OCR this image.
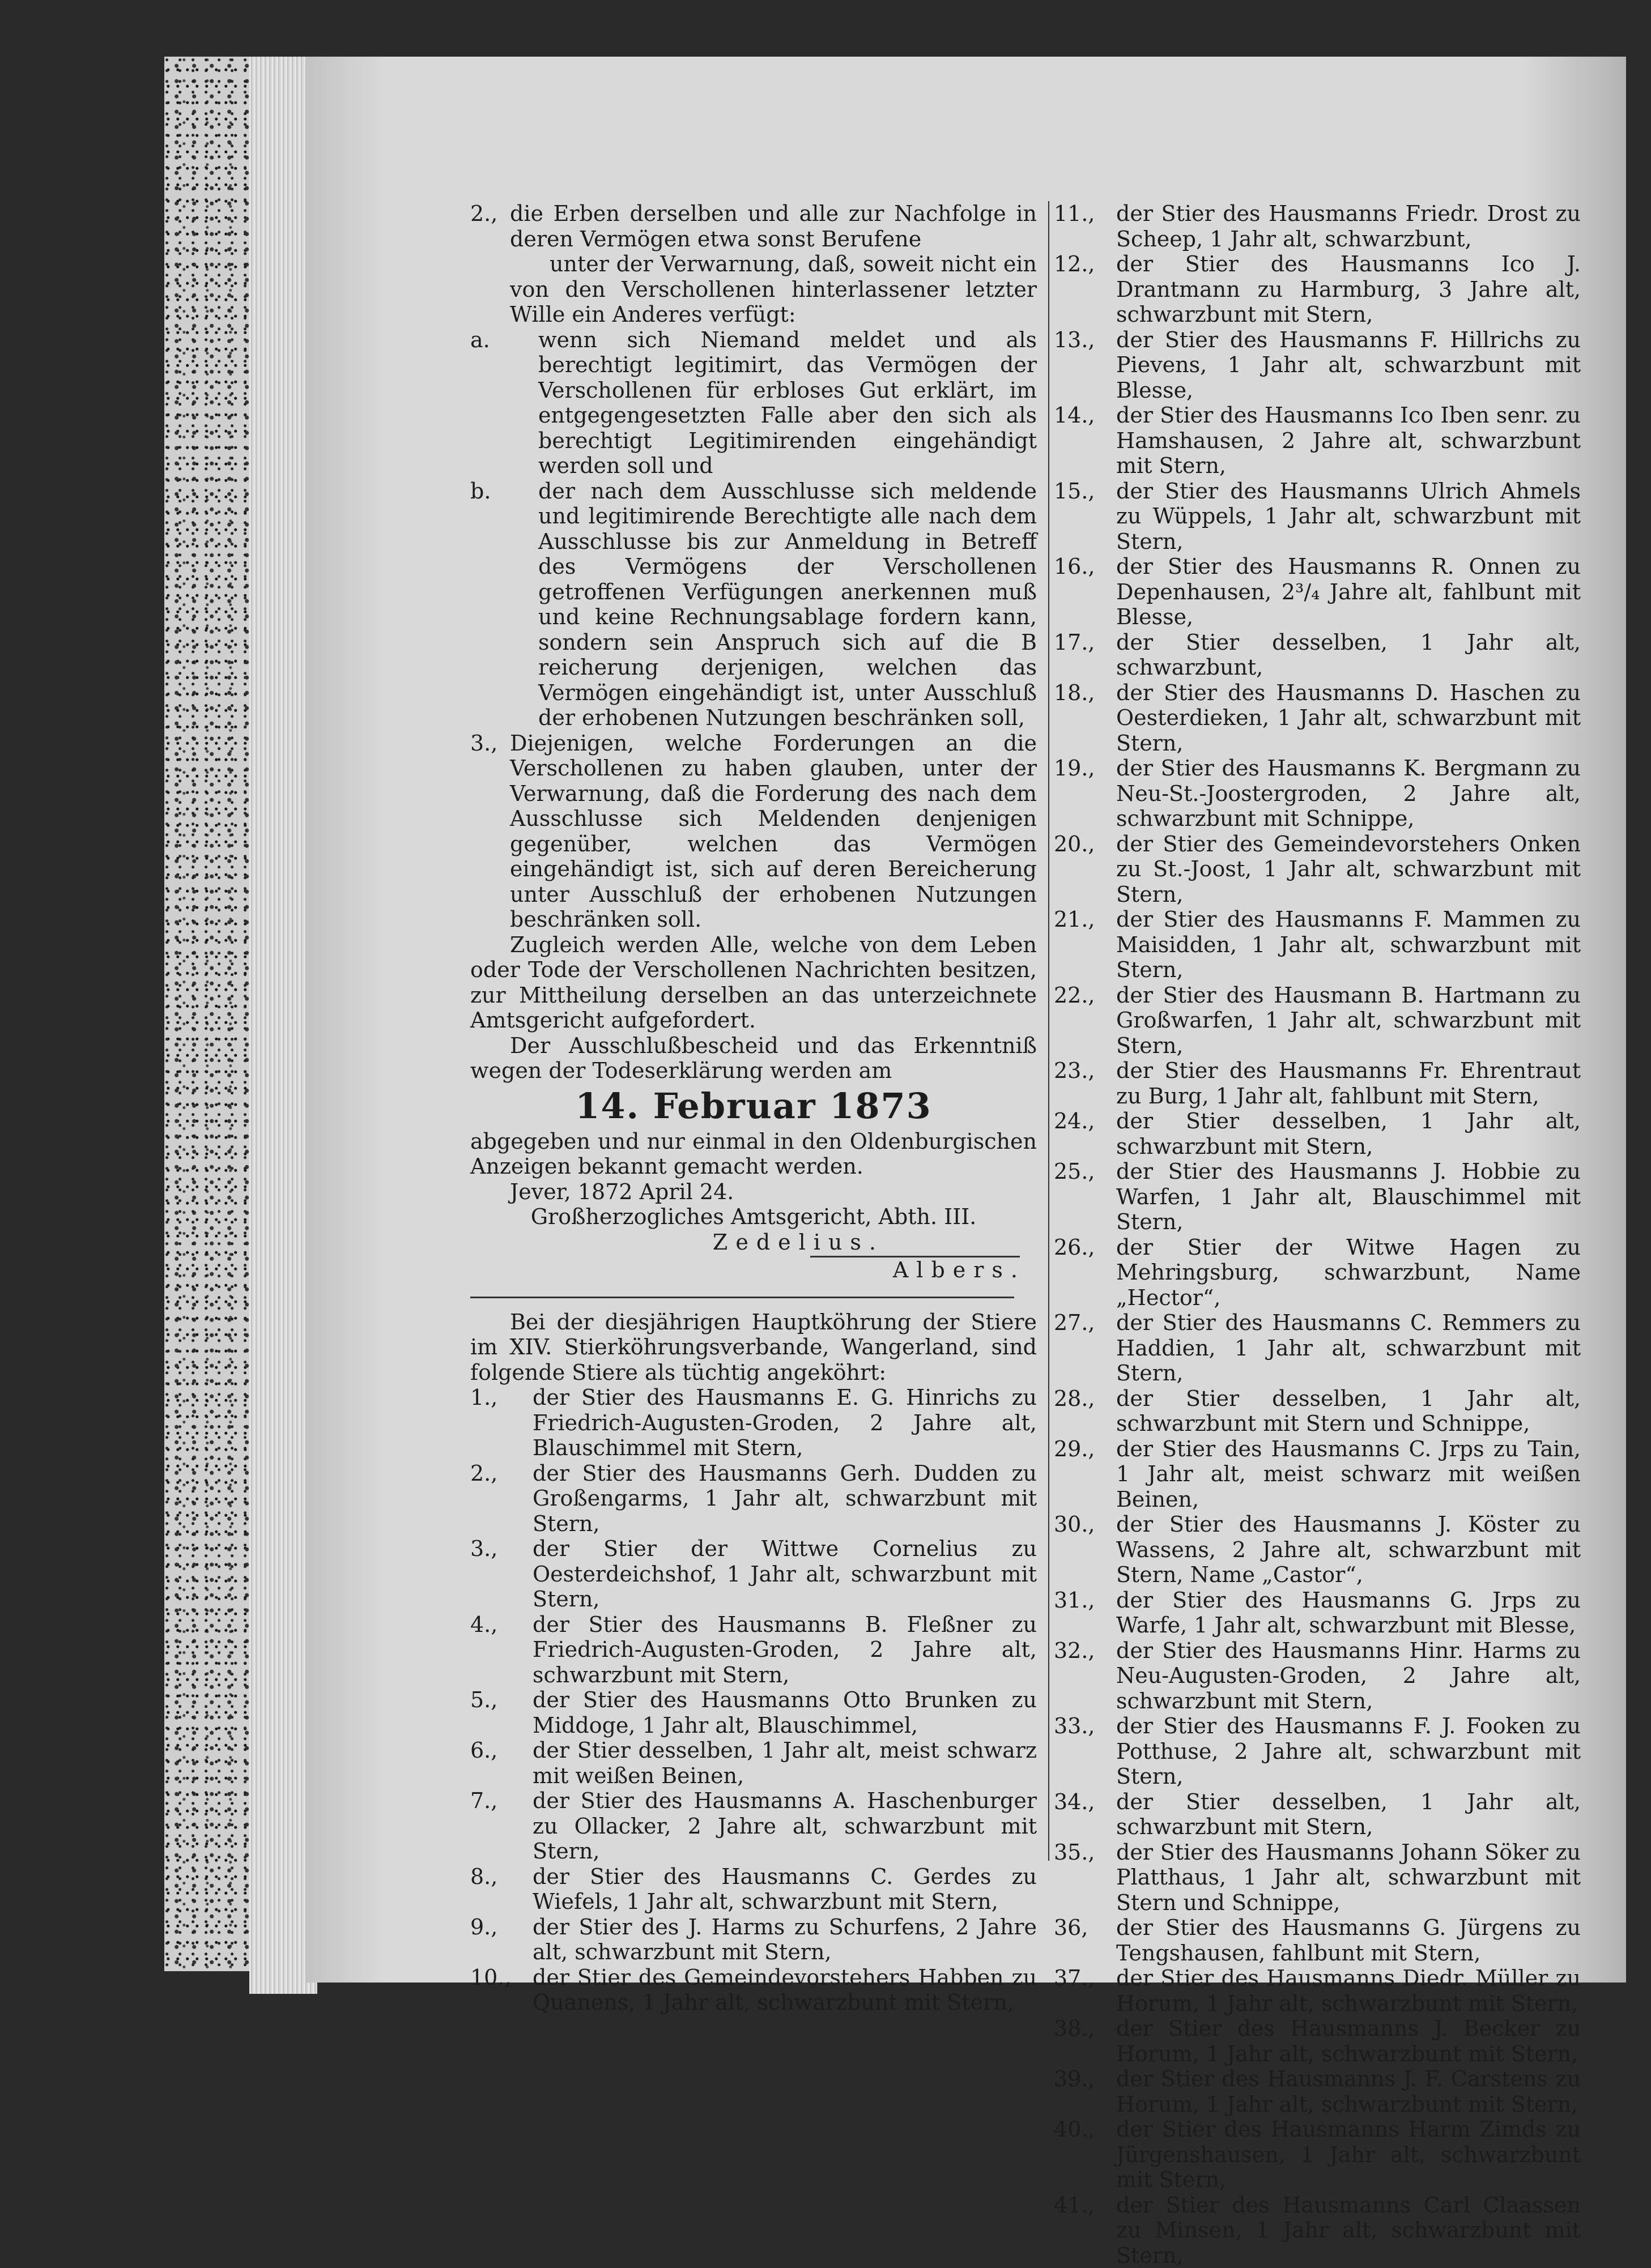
2., die Erben derselben und alle zur Nachfolge in deren Vermögen etwa sonst Berufene

unter der Verwarnung, daß, soweit nicht ein von den Verschollenen hinterlassener letzter Wille ein Anderes verfügt:

a.	wenn sich Niemand meldet und als berechtigt legitimirt, das Vermögen der Verschollenen für erbloses Gut erklärt, im entgegengesetzten Falle aber den sich als berechtigt Legitimirenden eingehändigt werden soll und
b.	der nach dem Ausschlusse sich meldende und legitimirende Berechtigte alle nach dem Ausschlusse bis zur Anmeldung in Betreff des Vermögens der Verschollenen getroffenen Verfügungen anerkennen muß und keine Rechnungsablage fordern kann, sondern sein Anspruch sich auf die B reicherung derjenigen, welchen das Vermögen eingehändigt ist, unter Ausschluß der erhobenen Nutzungen beschränken soll,
3., Diejenigen, welche Forderungen an die Verschollenen zu haben glauben, unter der Verwarnung, daß die Forderung des nach dem Ausschlusse sich Meldenden denjenigen gegenüber, welchen das Vermögen eingehändigt ist, sich auf deren Bereicherung unter Ausschluß der erhobenen Nutzungen beschränken soll.

Zugleich werden Alle, welche von dem Leben oder Tode der Verschollenen Nachrichten besitzen, zur Mittheilung derselben an das unterzeichnete Amtsgericht aufgefordert.

Der Ausschlußbescheid und das Erkenntniß wegen der Todeserklärung werden am

14. Februar 1873

abgegeben und nur einmal in den Oldenburgischen Anzeigen bekannt gemacht werden.

Jever, 1872 April 24.

Großherzogliches Amtsgericht, Abth. III.

Zedelius.

Albers.

Bei der diesjährigen Hauptköhrung der Stiere im XIV. Stierköhrungsverbande, Wangerland, sind folgende Stiere als tüchtig angeköhrt:

1.,	der Stier des Hausmanns E. G. Hinrichs zu Friedrich-Augusten-Groden, 2 Jahre alt, Blauschimmel mit Stern,
2.,	der Stier des Hausmanns Gerh. Dudden zu Großengarms, 1 Jahr alt, schwarzbunt mit Stern,
3.,	der Stier der Wittwe Cornelius zu Oesterdeichshof, 1 Jahr alt, schwarzbunt mit Stern,
4.,	der Stier des Hausmanns B. Fleßner zu Friedrich-Augusten-Groden, 2 Jahre alt, schwarzbunt mit Stern,
5.,	der Stier des Hausmanns Otto Brunken zu Middoge, 1 Jahr alt, Blauschimmel,
6.,	der Stier desselben, 1 Jahr alt, meist schwarz mit weißen Beinen,
7.,	der Stier des Hausmanns A. Haschenburger zu Ollacker, 2 Jahre alt, schwarzbunt mit Stern,
8.,	der Stier des Hausmanns C. Gerdes zu Wiefels, 1 Jahr alt, schwarzbunt mit Stern,
9.,	der Stier des J. Harms zu Schurfens, 2 Jahre alt, schwarzbunt mit Stern,
10., der Stier des Gemeindevorstehers Habben zu Quanens, 1 Jahr alt, schwarzbunt mit Stern,
11., der Stier des Hausmanns Friedr. Drost zu Scheep, 1 Jahr alt, schwarzbunt,
12., der Stier des Hausmanns Ico J. Drantmann zu Harmburg, 3 Jahre alt, schwarzbunt mit Stern,
13., der Stier des Hausmanns F. Hillrichs zu Pievens, 1 Jahr alt, schwarzbunt mit Blesse,
14., der Stier des Hausmanns Ico Iben senr. zu Hamshausen, 2 Jahre alt, schwarzbunt mit Stern,
15., der Stier des Hausmanns Ulrich Ahmels zu Wüppels, 1 Jahr alt, schwarzbunt mit Stern,
16., der Stier des Hausmanns R. Onnen zu Depenhausen, 2³/₄ Jahre alt, fahlbunt mit Blesse,
17., der Stier desselben, 1 Jahr alt, schwarzbunt,
18., der Stier des Hausmanns D. Haschen zu Oesterdieken, 1 Jahr alt, schwarzbunt mit Stern,
19., der Stier des Hausmanns K. Bergmann zu Neu-St.-Joostergroden, 2 Jahre alt, schwarzbunt mit Schnippe,
20., der Stier des Gemeindevorstehers Onken zu St.-Joost, 1 Jahr alt, schwarzbunt mit Stern,
21., der Stier des Hausmanns F. Mammen zu Maisidden, 1 Jahr alt, schwarzbunt mit Stern,
22., der Stier des Hausmann B. Hartmann zu Großwarfen, 1 Jahr alt, schwarzbunt mit Stern,
23., der Stier des Hausmanns Fr. Ehrentraut zu Burg, 1 Jahr alt, fahlbunt mit Stern,
24., der Stier desselben, 1 Jahr alt, schwarzbunt mit Stern,
25., der Stier des Hausmanns J. Hobbie zu Warfen, 1 Jahr alt, Blauschimmel mit Stern,
26., der Stier der Witwe Hagen zu Mehringsburg, schwarzbunt, Name „Hector“,
27., der Stier des Hausmanns C. Remmers zu Haddien, 1 Jahr alt, schwarzbunt mit Stern,
28., der Stier desselben, 1 Jahr alt, schwarzbunt mit Stern und Schnippe,
29., der Stier des Hausmanns C. Jrps zu Tain, 1 Jahr alt, meist schwarz mit weißen Beinen,
30., der Stier des Hausmanns J. Köster zu Wassens, 2 Jahre alt, schwarzbunt mit Stern, Name „Castor“,
31., der Stier des Hausmanns G. Jrps zu Warfe, 1 Jahr alt, schwarzbunt mit Blesse,
32., der Stier des Hausmanns Hinr. Harms zu Neu-Augusten-Groden, 2 Jahre alt, schwarzbunt mit Stern,
33., der Stier des Hausmanns F. J. Fooken zu Potthuse, 2 Jahre alt, schwarzbunt mit Stern,
34., der Stier desselben, 1 Jahr alt, schwarzbunt mit Stern,
35., der Stier des Hausmanns Johann Söker zu Platthaus, 1 Jahr alt, schwarzbunt mit Stern und Schnippe,
36,	der Stier des Hausmanns G. Jürgens zu Tengshausen, fahlbunt mit Stern,
37., der Stier des Hausmanns Diedr. Müller zu Horum, 1 Jahr alt, schwarzbunt mit Stern,
38., der Stier des Hausmanns J. Becker zu Horum, 1 Jahr alt, schwarzbunt mit Stern,
39., der Stier des Hausmanns J. F. Carstens zu Horum, 1 Jahr alt, schwarzbunt mit Stern,
40., der Stier des Hausmanns Harm Zimds zu Jürgenshausen, 1 Jahr alt, schwarzbunt mit Stern,
41., der Stier des Hausmanns Carl Claassen zu Minsen, 1 Jahr alt, schwarzbunt mit Stern,
